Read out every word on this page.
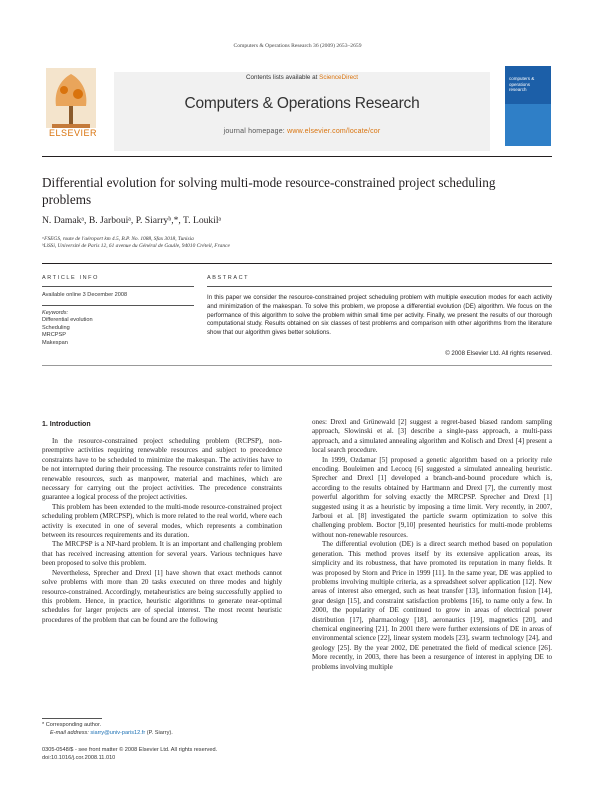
Computers & Operations Research 36 (2009) 2653–2659
ELSEVIER
Contents lists available at ScienceDirect
Computers & Operations Research
journal homepage: www.elsevier.com/locate/cor
computers & operations research
Differential evolution for solving multi-mode resource-constrained project scheduling problems
N. Damakᵃ, B. Jarbouiᵃ, P. Siarryᵇ,*, T. Loukilᵃ
ᵃFSEGS, route de l'aéroport km 4.5, B.P. No. 1088, Sfax 3018, Tunisia
ᵇLiSSi, Université de Paris 12, 61 avenue du Général de Gaulle, 94010 Créteil, France
ARTICLE INFO
Available online 3 December 2008
Keywords:
Differential evolution
Scheduling
MRCPSP
Makespan
ABSTRACT
In this paper we consider the resource-constrained project scheduling problem with multiple execution modes for each activity and minimization of the makespan. To solve this problem, we propose a differential evolution (DE) algorithm. We focus on the performance of this algorithm to solve the problem within small time per activity. Finally, we present the results of our thorough computational study. Results obtained on six classes of test problems and comparison with other algorithms from the literature show that our algorithm gives better solutions.
© 2008 Elsevier Ltd. All rights reserved.
1. Introduction

In the resource-constrained project scheduling problem (RCPSP), non-preemptive activities requiring renewable resources and subject to precedence constraints have to be scheduled to minimize the makespan. The activities have to be not interrupted during their processing. The resource constraints refer to limited renewable resources, such as manpower, material and machines, which are necessary for carrying out the project activities. The precedence constraints guarantee a logical process of the project activities.

This problem has been extended to the multi-mode resource-constrained project scheduling problem (MRCPSP), which is more related to the real world, where each activity is executed in one of several modes, which represents a combination between its resources requirements and its duration.

The MRCPSP is a NP-hard problem. It is an important and challenging problem that has received increasing attention for several years. Various techniques have been proposed to solve this problem.

Nevertheless, Sprecher and Drexl [1] have shown that exact methods cannot solve problems with more than 20 tasks executed on three modes and highly resource-constrained. Accordingly, metaheuristics are being successfully applied to this problem. Hence, in practice, heuristic algorithms to generate near-optimal schedules for larger projects are of special interest. The most recent heuristic procedures of the problem that can be found are the following

ones: Drexl and Grünewald [2] suggest a regret-based biased random sampling approach, Slowinski et al. [3] describe a single-pass approach, a multi-pass approach, and a simulated annealing algorithm and Kolisch and Drexl [4] present a local search procedure.

In 1999, Ozdamar [5] proposed a genetic algorithm based on a priority rule encoding. Bouleimen and Lecocq [6] suggested a simulated annealing heuristic. Sprecher and Drexl [1] developed a branch-and-bound procedure which is, according to the results obtained by Hartmann and Drexl [7], the currently most powerful algorithm for solving exactly the MRCPSP. Sprecher and Drexl [1] suggested using it as a heuristic by imposing a time limit. Very recently, in 2007, Jarboui et al. [8] investigated the particle swarm optimization to solve this challenging problem. Boctor [9,10] presented heuristics for multi-mode problems without non-renewable resources.

The differential evolution (DE) is a direct search method based on population generation. This method proves itself by its extensive application areas, its simplicity and its robustness, that have promoted its reputation in many fields. It was proposed by Storn and Price in 1999 [11]. In the same year, DE was applied to problems involving multiple criteria, as a spreadsheet solver application [12]. New areas of interest also emerged, such as heat transfer [13], information fusion [14], gear design [15], and constraint satisfaction problems [16], to name only a few. In 2000, the popularity of DE continued to grow in areas of electrical power distribution [17], pharmacology [18], aeronautics [19], magnetics [20], and chemical engineering [21]. In 2001 there were further extensions of DE in areas of environmental science [22], linear system models [23], swarm technology [24], and geology [25]. By the year 2002, DE penetrated the field of medical science [26]. More recently, in 2003, there has been a resurgence of interest in applying DE to problems involving multiple

* Corresponding author.
E-mail address: siarry@univ-paris12.fr (P. Siarry).
0305-0548/$ - see front matter © 2008 Elsevier Ltd. All rights reserved.
doi:10.1016/j.cor.2008.11.010
